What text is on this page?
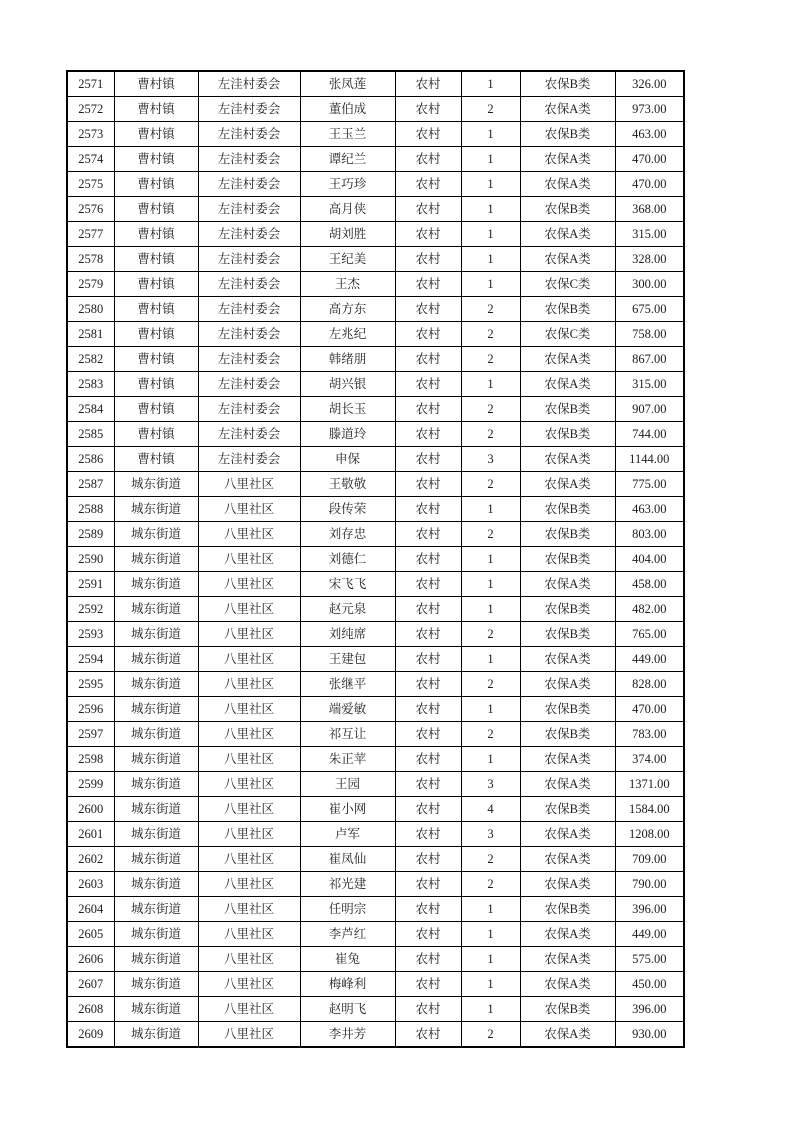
2571	曹村镇	左洼村委会	张凤莲	农村	1	农保B类	326.00
2572	曹村镇	左洼村委会	董伯成	农村	2	农保A类	973.00
2573	曹村镇	左洼村委会	王玉兰	农村	1	农保B类	463.00
2574	曹村镇	左洼村委会	谭纪兰	农村	1	农保A类	470.00
2575	曹村镇	左洼村委会	王巧珍	农村	1	农保A类	470.00
2576	曹村镇	左洼村委会	高月侠	农村	1	农保B类	368.00
2577	曹村镇	左洼村委会	胡刘胜	农村	1	农保A类	315.00
2578	曹村镇	左洼村委会	王纪美	农村	1	农保A类	328.00
2579	曹村镇	左洼村委会	王杰	农村	1	农保C类	300.00
2580	曹村镇	左洼村委会	高方东	农村	2	农保B类	675.00
2581	曹村镇	左洼村委会	左兆纪	农村	2	农保C类	758.00
2582	曹村镇	左洼村委会	韩绪朋	农村	2	农保A类	867.00
2583	曹村镇	左洼村委会	胡兴银	农村	1	农保A类	315.00
2584	曹村镇	左洼村委会	胡长玉	农村	2	农保B类	907.00
2585	曹村镇	左洼村委会	滕道玲	农村	2	农保B类	744.00
2586	曹村镇	左洼村委会	申保	农村	3	农保A类	1144.00
2587	城东街道	八里社区	王敬敬	农村	2	农保A类	775.00
2588	城东街道	八里社区	段传荣	农村	1	农保B类	463.00
2589	城东街道	八里社区	刘存忠	农村	2	农保B类	803.00
2590	城东街道	八里社区	刘德仁	农村	1	农保B类	404.00
2591	城东街道	八里社区	宋飞飞	农村	1	农保A类	458.00
2592	城东街道	八里社区	赵元泉	农村	1	农保B类	482.00
2593	城东街道	八里社区	刘纯席	农村	2	农保B类	765.00
2594	城东街道	八里社区	王建包	农村	1	农保A类	449.00
2595	城东街道	八里社区	张继平	农村	2	农保A类	828.00
2596	城东街道	八里社区	端爱敏	农村	1	农保B类	470.00
2597	城东街道	八里社区	祁互让	农村	2	农保B类	783.00
2598	城东街道	八里社区	朱正苹	农村	1	农保A类	374.00
2599	城东街道	八里社区	王园	农村	3	农保A类	1371.00
2600	城东街道	八里社区	崔小网	农村	4	农保B类	1584.00
2601	城东街道	八里社区	卢军	农村	3	农保A类	1208.00
2602	城东街道	八里社区	崔凤仙	农村	2	农保A类	709.00
2603	城东街道	八里社区	祁光建	农村	2	农保A类	790.00
2604	城东街道	八里社区	任明宗	农村	1	农保B类	396.00
2605	城东街道	八里社区	李芦红	农村	1	农保A类	449.00
2606	城东街道	八里社区	崔兔	农村	1	农保A类	575.00
2607	城东街道	八里社区	梅峰利	农村	1	农保A类	450.00
2608	城东街道	八里社区	赵明飞	农村	1	农保B类	396.00
2609	城东街道	八里社区	李井芳	农村	2	农保A类	930.00
